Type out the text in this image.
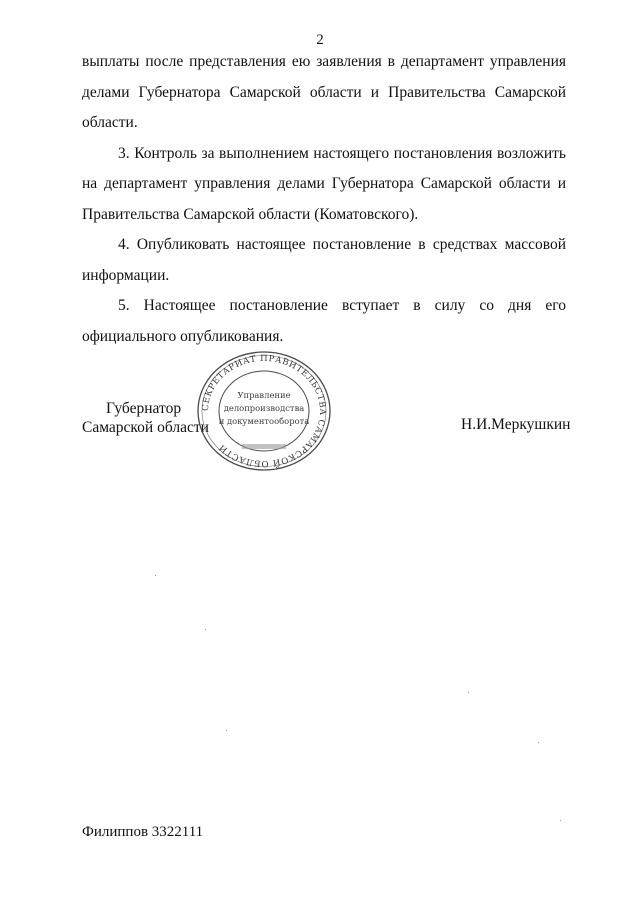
2
выплаты после представления ею заявления в департамент управления
делами Губернатора Самарской области и Правительства Самарской
области.
3. Контроль за выполнением настоящего постановления возложить
на департамент управления делами Губернатора Самарской области и
Правительства Самарской области (Коматовского).
4. Опубликовать настоящее постановление в средствах массовой
информации.
5. Настоящее постановление вступает в силу со дня его
официального опубликования.
Губернатор
Самарской области	Н.И.Меркушкин
СЕКРЕТАРИАТ ПРАВИТЕЛЬСТВА САМАРСКОЙ ОБЛАСТИ
Управление
делопроизводства
и документооборота
Филиппов 3322111
